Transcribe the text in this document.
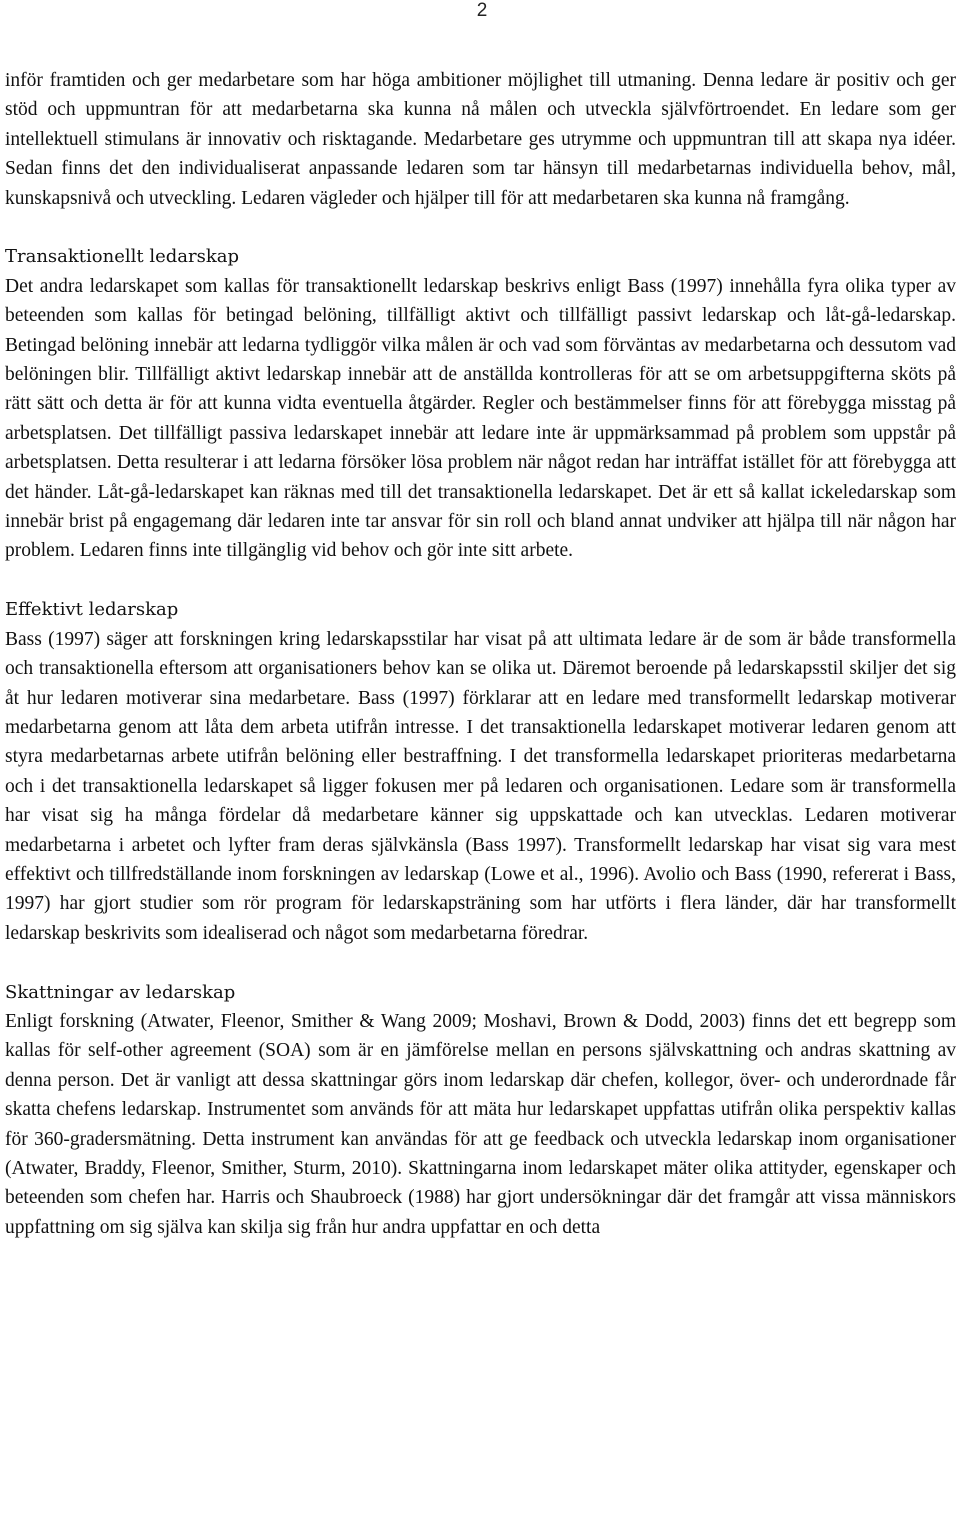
2

inför framtiden och ger medarbetare som har höga ambitioner möjlighet till utmaning. Denna ledare är positiv och ger stöd och uppmuntran för att medarbetarna ska kunna nå målen och utveckla självförtroendet. En ledare som ger intellektuell stimulans är innovativ och risktagande. Medarbetare ges utrymme och uppmuntran till att skapa nya idéer. Sedan finns det den individualiserat anpassande ledaren som tar hänsyn till medarbetarnas individuella behov, mål, kunskapsnivå och utveckling. Ledaren vägleder och hjälper till för att medarbetaren ska kunna nå framgång.

Transaktionellt ledarskap

Det andra ledarskapet som kallas för transaktionellt ledarskap beskrivs enligt Bass (1997) innehålla fyra olika typer av beteenden som kallas för betingad belöning, tillfälligt aktivt och tillfälligt passivt ledarskap och låt-gå-ledarskap. Betingad belöning innebär att ledarna tydliggör vilka målen är och vad som förväntas av medarbetarna och dessutom vad belöningen blir. Tillfälligt aktivt ledarskap innebär att de anställda kontrolleras för att se om arbetsuppgifterna sköts på rätt sätt och detta är för att kunna vidta eventuella åtgärder. Regler och bestämmelser finns för att förebygga misstag på arbetsplatsen. Det tillfälligt passiva ledarskapet innebär att ledare inte är uppmärksammad på problem som uppstår på arbetsplatsen. Detta resulterar i att ledarna försöker lösa problem när något redan har inträffat istället för att förebygga att det händer. Låt-gå-ledarskapet kan räknas med till det transaktionella ledarskapet. Det är ett så kallat ickeledarskap som innebär brist på engagemang där ledaren inte tar ansvar för sin roll och bland annat undviker att hjälpa till när någon har problem. Ledaren finns inte tillgänglig vid behov och gör inte sitt arbete.

Effektivt ledarskap

Bass (1997) säger att forskningen kring ledarskapsstilar har visat på att ultimata ledare är de som är både transformella och transaktionella eftersom att organisationers behov kan se olika ut. Däremot beroende på ledarskapsstil skiljer det sig åt hur ledaren motiverar sina medarbetare. Bass (1997) förklarar att en ledare med transformellt ledarskap motiverar medarbetarna genom att låta dem arbeta utifrån intresse. I det transaktionella ledarskapet motiverar ledaren genom att styra medarbetarnas arbete utifrån belöning eller bestraffning. I det transformella ledarskapet prioriteras medarbetarna och i det transaktionella ledarskapet så ligger fokusen mer på ledaren och organisationen. Ledare som är transformella har visat sig ha många fördelar då medarbetare känner sig uppskattade och kan utvecklas. Ledaren motiverar medarbetarna i arbetet och lyfter fram deras självkänsla (Bass 1997). Transformellt ledarskap har visat sig vara mest effektivt och tillfredställande inom forskningen av ledarskap (Lowe et al., 1996). Avolio och Bass (1990, refererat i Bass, 1997) har gjort studier som rör program för ledarskapsträning som har utförts i flera länder, där har transformellt ledarskap beskrivits som idealiserad och något som medarbetarna föredrar.

Skattningar av ledarskap

Enligt forskning (Atwater, Fleenor, Smither & Wang 2009; Moshavi, Brown & Dodd, 2003) finns det ett begrepp som kallas för self-other agreement (SOA) som är en jämförelse mellan en persons självskattning och andras skattning av denna person. Det är vanligt att dessa skattningar görs inom ledarskap där chefen, kollegor, över- och underordnade får skatta chefens ledarskap. Instrumentet som används för att mäta hur ledarskapet uppfattas utifrån olika perspektiv kallas för 360-gradersmätning. Detta instrument kan användas för att ge feedback och utveckla ledarskap inom organisationer (Atwater, Braddy, Fleenor, Smither, Sturm, 2010). Skattningarna inom ledarskapet mäter olika attityder, egenskaper och beteenden som chefen har. Harris och Shaubroeck (1988) har gjort undersökningar där det framgår att vissa människors uppfattning om sig själva kan skilja sig från hur andra uppfattar en och detta
